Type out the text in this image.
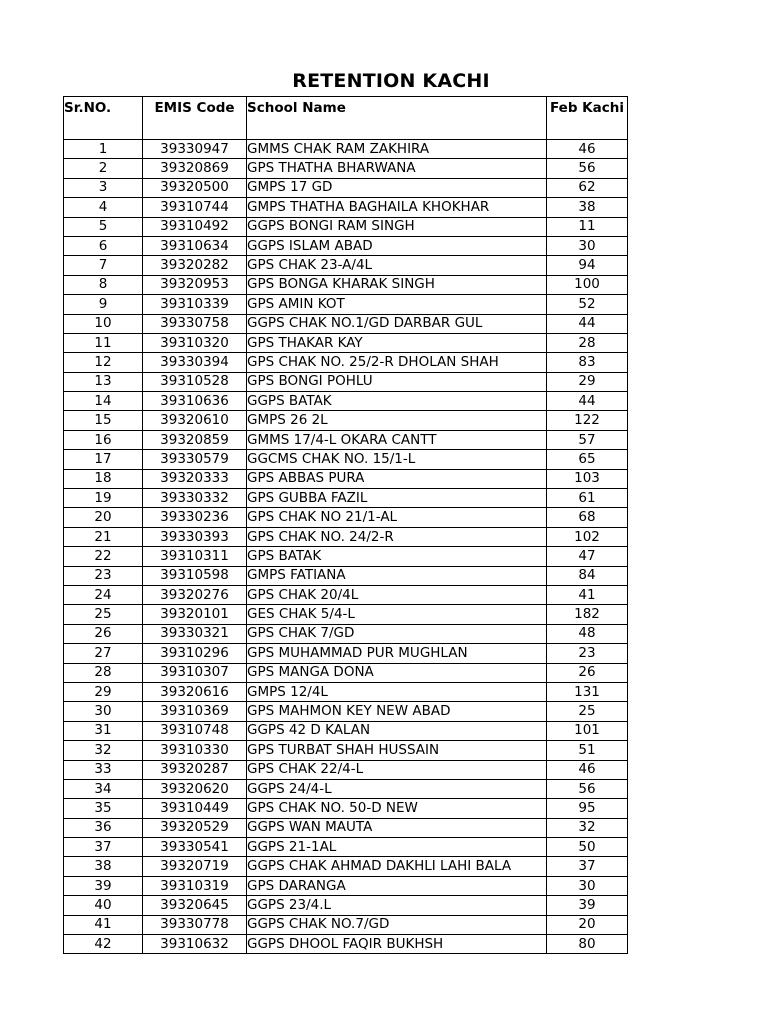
RETENTION KACHI
Sr.NO.	EMIS Code	School Name	Feb Kachi
1	39330947	GMMS CHAK RAM ZAKHIRA	46
2	39320869	GPS THATHA BHARWANA	56
3	39320500	GMPS 17 GD	62
4	39310744	GMPS THATHA BAGHAILA KHOKHAR	38
5	39310492	GGPS BONGI RAM SINGH	11
6	39310634	GGPS ISLAM ABAD	30
7	39320282	GPS CHAK 23-A/4L	94
8	39320953	GPS BONGA KHARAK SINGH	100
9	39310339	GPS AMIN KOT	52
10	39330758	GGPS CHAK NO.1/GD DARBAR GUL	44
11	39310320	GPS THAKAR KAY	28
12	39330394	GPS CHAK NO. 25/2-R DHOLAN SHAH	83
13	39310528	GPS BONGI POHLU	29
14	39310636	GGPS BATAK	44
15	39320610	GMPS 26 2L	122
16	39320859	GMMS 17/4-L OKARA CANTT	57
17	39330579	GGCMS CHAK NO. 15/1-L	65
18	39320333	GPS ABBAS PURA	103
19	39330332	GPS GUBBA FAZIL	61
20	39330236	GPS CHAK NO 21/1-AL	68
21	39330393	GPS CHAK NO. 24/2-R	102
22	39310311	GPS BATAK	47
23	39310598	GMPS FATIANA	84
24	39320276	GPS CHAK 20/4L	41
25	39320101	GES CHAK 5/4-L	182
26	39330321	GPS CHAK 7/GD	48
27	39310296	GPS MUHAMMAD PUR MUGHLAN	23
28	39310307	GPS MANGA DONA	26
29	39320616	GMPS 12/4L	131
30	39310369	GPS MAHMON KEY NEW ABAD	25
31	39310748	GGPS 42 D KALAN	101
32	39310330	GPS TURBAT SHAH HUSSAIN	51
33	39320287	GPS CHAK 22/4-L	46
34	39320620	GGPS 24/4-L	56
35	39310449	GPS CHAK NO. 50-D NEW	95
36	39320529	GGPS WAN MAUTA	32
37	39330541	GGPS 21-1AL	50
38	39320719	GGPS CHAK AHMAD DAKHLI LAHI BALA	37
39	39310319	GPS DARANGA	30
40	39320645	GGPS 23/4.L	39
41	39330778	GGPS CHAK NO.7/GD	20
42	39310632	GGPS DHOOL FAQIR BUKHSH	80
